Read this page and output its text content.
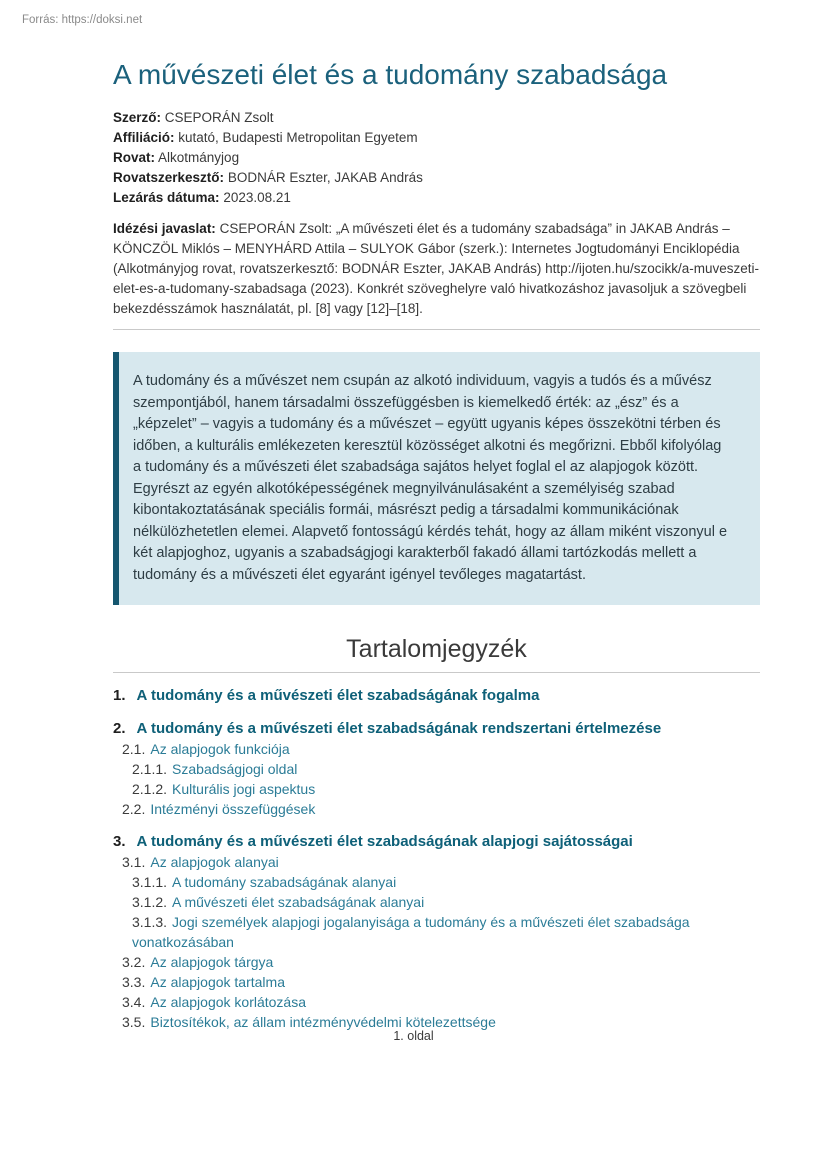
Forrás: https://doksi.net
A művészeti élet és a tudomány szabadsága
Szerző: CSEPORÁN Zsolt
Affiliáció: kutató, Budapesti Metropolitan Egyetem
Rovat: Alkotmányjog
Rovatszerkesztő: BODNÁR Eszter, JAKAB András
Lezárás dátuma: 2023.08.21

Idézési javaslat: CSEPORÁN Zsolt: „A művészeti élet és a tudomány szabadsága” in JAKAB András – KÖNCZÖL Miklós – MENYHÁRD Attila – SULYOK Gábor (szerk.): Internetes Jogtudományi Enciklopédia (Alkotmányjog rovat, rovatszerkesztő: BODNÁR Eszter, JAKAB András) http://ijoten.hu/szocikk/a-muveszeti-elet-es-a-tudomany-szabadsaga (2023). Konkrét szöveghelyre való hivatkozáshoz javasoljuk a szövegbeli bekezdésszámok használatát, pl. [8] vagy [12]–[18].

A tudomány és a művészet nem csupán az alkotó individuum, vagyis a tudós és a művész szempontjából, hanem társadalmi összefüggésben is kiemelkedő érték: az „ész” és a „képzelet” – vagyis a tudomány és a művészet – együtt ugyanis képes összekötni térben és időben, a kulturális emlékezeten keresztül közösséget alkotni és megőrizni. Ebből kifolyólag a tudomány és a művészeti élet szabadsága sajátos helyet foglal el az alapjogok között. Egyrészt az egyén alkotóképességének megnyilvánulásaként a személyiség szabad kibontakoztatásának speciális formái, másrészt pedig a társadalmi kommunikációnak nélkülözhetetlen elemei. Alapvető fontosságú kérdés tehát, hogy az állam miként viszonyul e két alapjoghoz, ugyanis a szabadságjogi karakterből fakadó állami tartózkodás mellett a tudomány és a művészeti élet egyaránt igényel tevőleges magatartást.

Tartalomjegyzék
1. A tudomány és a művészeti élet szabadságának fogalma
2. A tudomány és a művészeti élet szabadságának rendszertani értelmezése
2.1. Az alapjogok funkciója
2.1.1. Szabadságjogi oldal
2.1.2. Kulturális jogi aspektus
2.2. Intézményi összefüggések
3. A tudomány és a művészeti élet szabadságának alapjogi sajátosságai
3.1. Az alapjogok alanyai
3.1.1. A tudomány szabadságának alanyai
3.1.2. A művészeti élet szabadságának alanyai
3.1.3. Jogi személyek alapjogi jogalanyisága a tudomány és a művészeti élet szabadsága vonatkozásában
3.2. Az alapjogok tárgya
3.3. Az alapjogok tartalma
3.4. Az alapjogok korlátozása
3.5. Biztosítékok, az állam intézményvédelmi kötelezettsége
1. oldal
